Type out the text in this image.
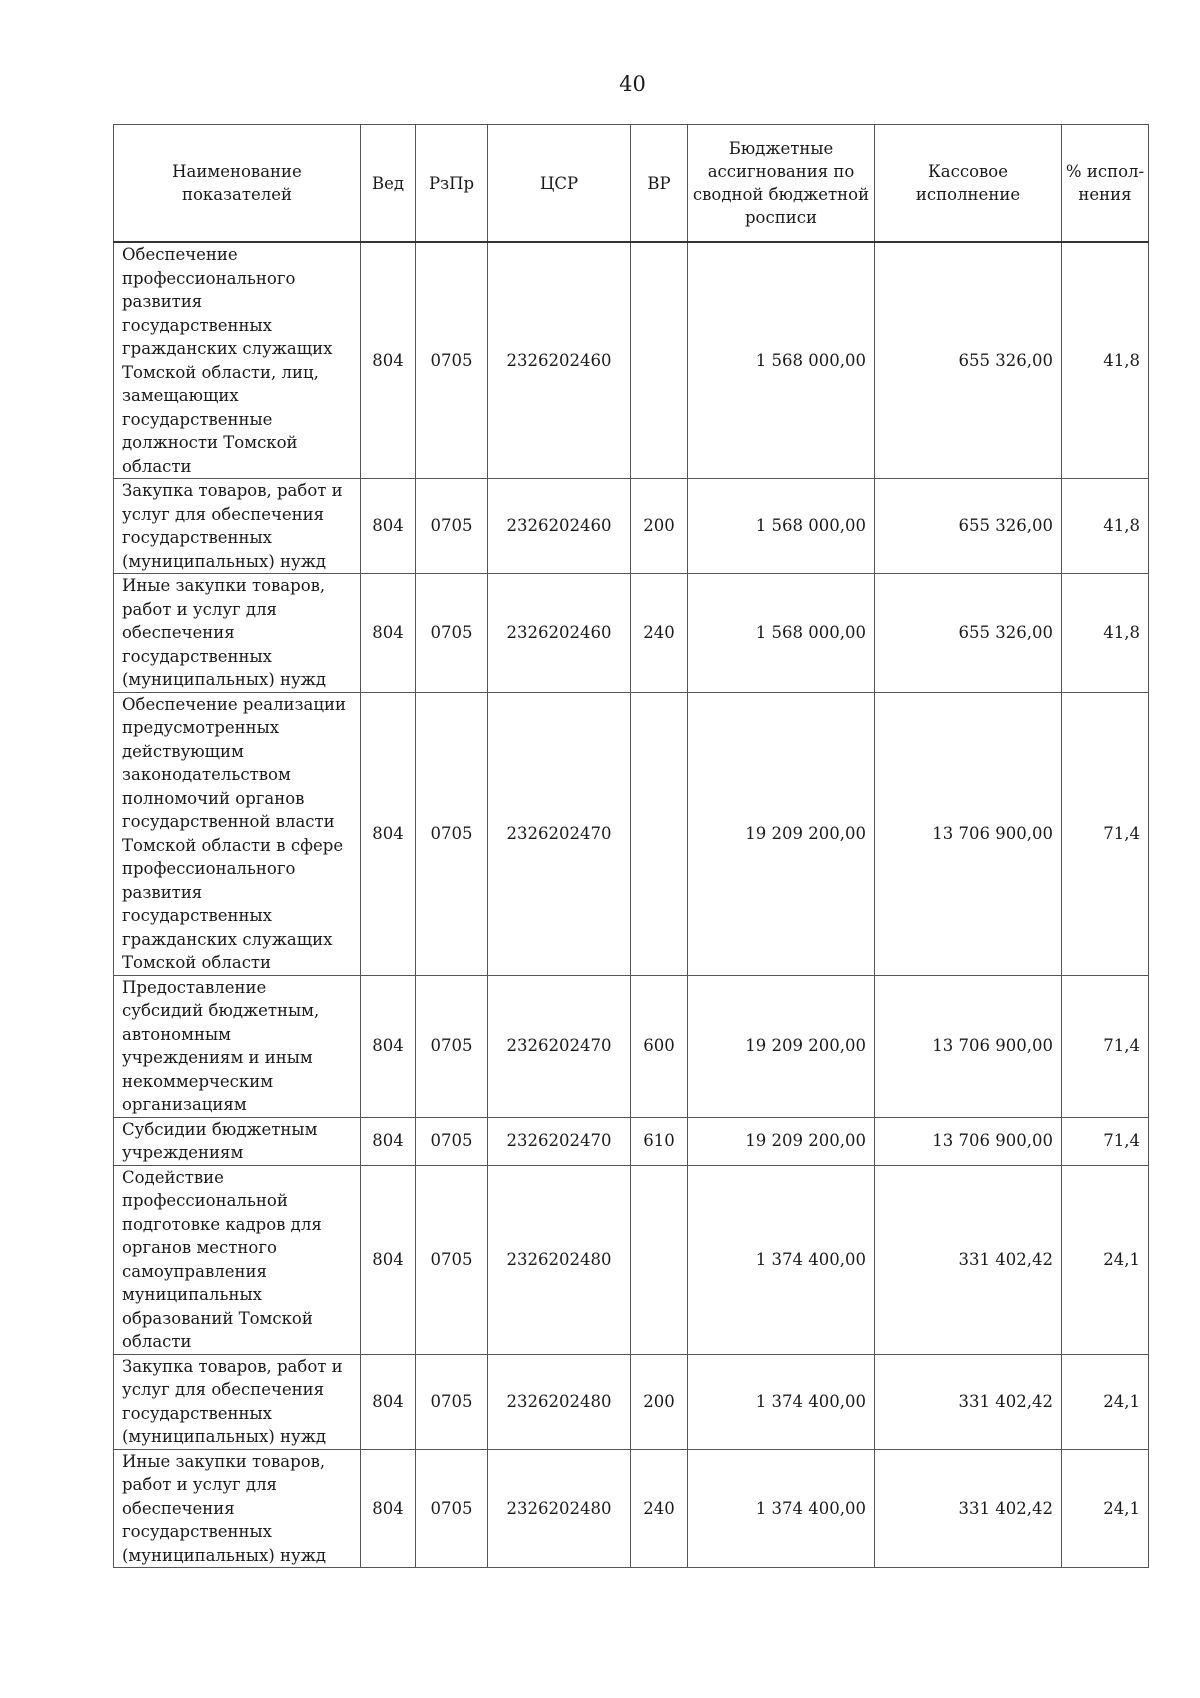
40
Наименование показателей	Вед	РзПр	ЦСР	ВР	Бюджетные ассигнования по сводной бюджетной росписи	Кассовое исполнение	% испол-нения
Обеспечение профессионального развития государственных гражданских служащих Томской области, лиц, замещающих государственные должности Томской области	804	0705	2326202460		1 568 000,00	655 326,00	41,8
Закупка товаров, работ и услуг для обеспечения государственных (муниципальных) нужд	804	0705	2326202460	200	1 568 000,00	655 326,00	41,8
Иные закупки товаров, работ и услуг для обеспечения государственных (муниципальных) нужд	804	0705	2326202460	240	1 568 000,00	655 326,00	41,8
Обеспечение реализации предусмотренных действующим законодательством полномочий органов государственной власти Томской области в сфере профессионального развития государственных гражданских служащих Томской области	804	0705	2326202470		19 209 200,00	13 706 900,00	71,4
Предоставление субсидий бюджетным, автономным учреждениям и иным некоммерческим организациям	804	0705	2326202470	600	19 209 200,00	13 706 900,00	71,4
Субсидии бюджетным учреждениям	804	0705	2326202470	610	19 209 200,00	13 706 900,00	71,4
Содействие профессиональной подготовке кадров для органов местного самоуправления муниципальных образований Томской области	804	0705	2326202480		1 374 400,00	331 402,42	24,1
Закупка товаров, работ и услуг для обеспечения государственных (муниципальных) нужд	804	0705	2326202480	200	1 374 400,00	331 402,42	24,1
Иные закупки товаров, работ и услуг для обеспечения государственных (муниципальных) нужд	804	0705	2326202480	240	1 374 400,00	331 402,42	24,1
